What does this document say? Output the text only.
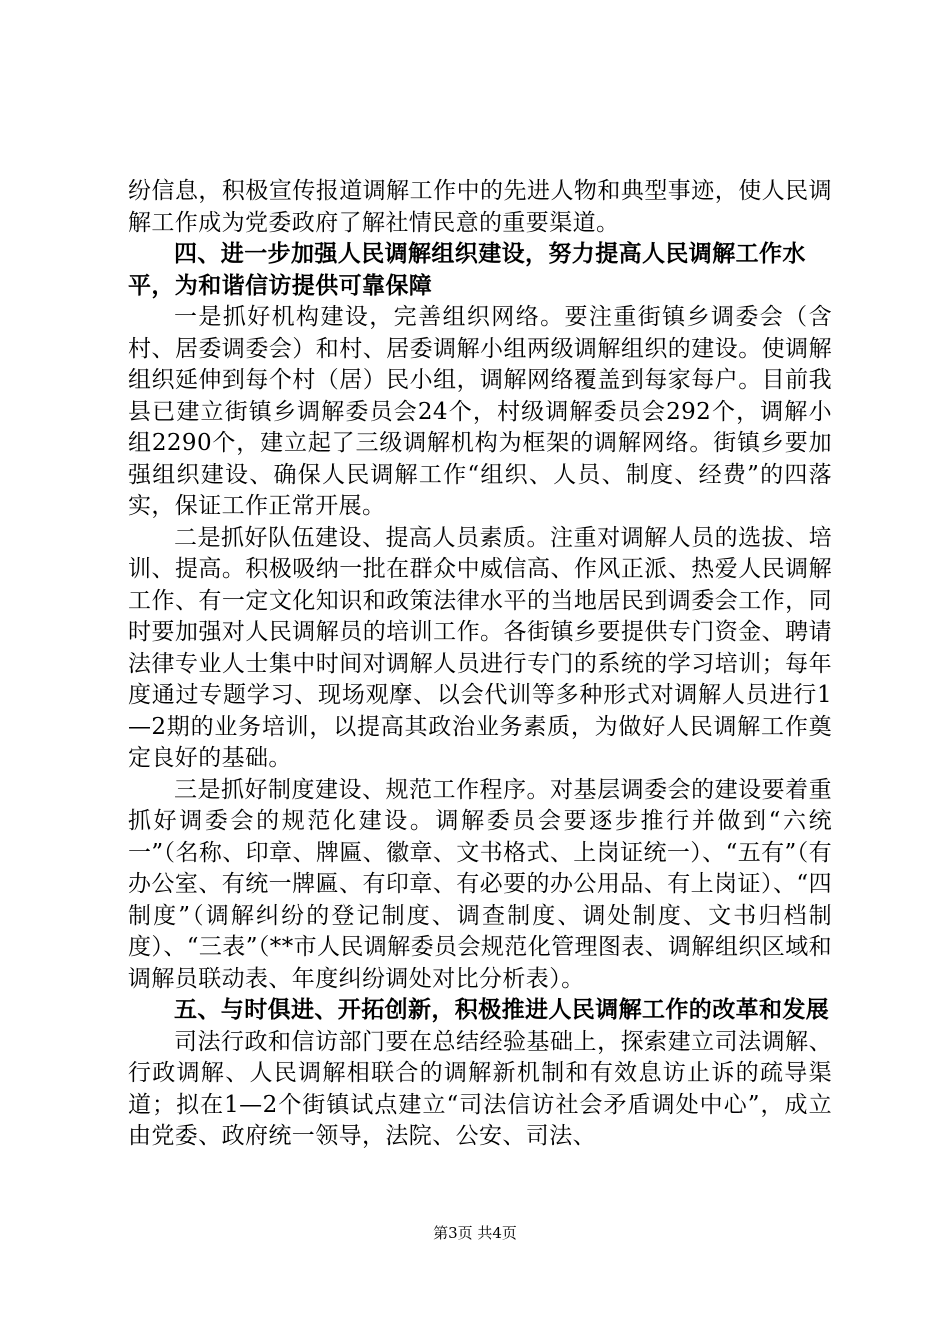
纷信息，积极宣传报道调解工作中的先进人物和典型事迹，使人民调解工作成为党委政府了解社情民意的重要渠道。

四、进一步加强人民调解组织建设，努力提高人民调解工作水平，为和谐信访提供可靠保障

一是抓好机构建设，完善组织网络。要注重街镇乡调委会（含村、居委调委会）和村、居委调解小组两级调解组织的建设。使调解组织延伸到每个村（居）民小组，调解网络覆盖到每家每户。目前我县已建立街镇乡调解委员会24个，村级调解委员会292个，调解小组2290个，建立起了三级调解机构为框架的调解网络。街镇乡要加强组织建设、确保人民调解工作“组织、人员、制度、经费”的四落实，保证工作正常开展。

二是抓好队伍建设、提高人员素质。注重对调解人员的选拔、培训、提高。积极吸纳一批在群众中威信高、作风正派、热爱人民调解工作、有一定文化知识和政策法律水平的当地居民到调委会工作，同时要加强对人民调解员的培训工作。各街镇乡要提供专门资金、聘请法律专业人士集中时间对调解人员进行专门的系统的学习培训；每年度通过专题学习、现场观摩、以会代训等多种形式对调解人员进行1—2期的业务培训，以提高其政治业务素质，为做好人民调解工作奠定良好的基础。

三是抓好制度建设、规范工作程序。对基层调委会的建设要着重抓好调委会的规范化建设。调解委员会要逐步推行并做到“六统一”（名称、印章、牌匾、徽章、文书格式、上岗证统一）、“五有”（有办公室、有统一牌匾、有印章、有必要的办公用品、有上岗证）、“四制度”（调解纠纷的登记制度、调查制度、调处制度、文书归档制度）、“三表”（**市人民调解委员会规范化管理图表、调解组织区域和调解员联动表、年度纠纷调处对比分析表）。

五、与时俱进、开拓创新，积极推进人民调解工作的改革和发展

司法行政和信访部门要在总结经验基础上，探索建立司法调解、行政调解、人民调解相联合的调解新机制和有效息访止诉的疏导渠道；拟在1—2个街镇试点建立“司法信访社会矛盾调处中心”，成立由党委、政府统一领导，法院、公安、司法、

第3页 共4页
